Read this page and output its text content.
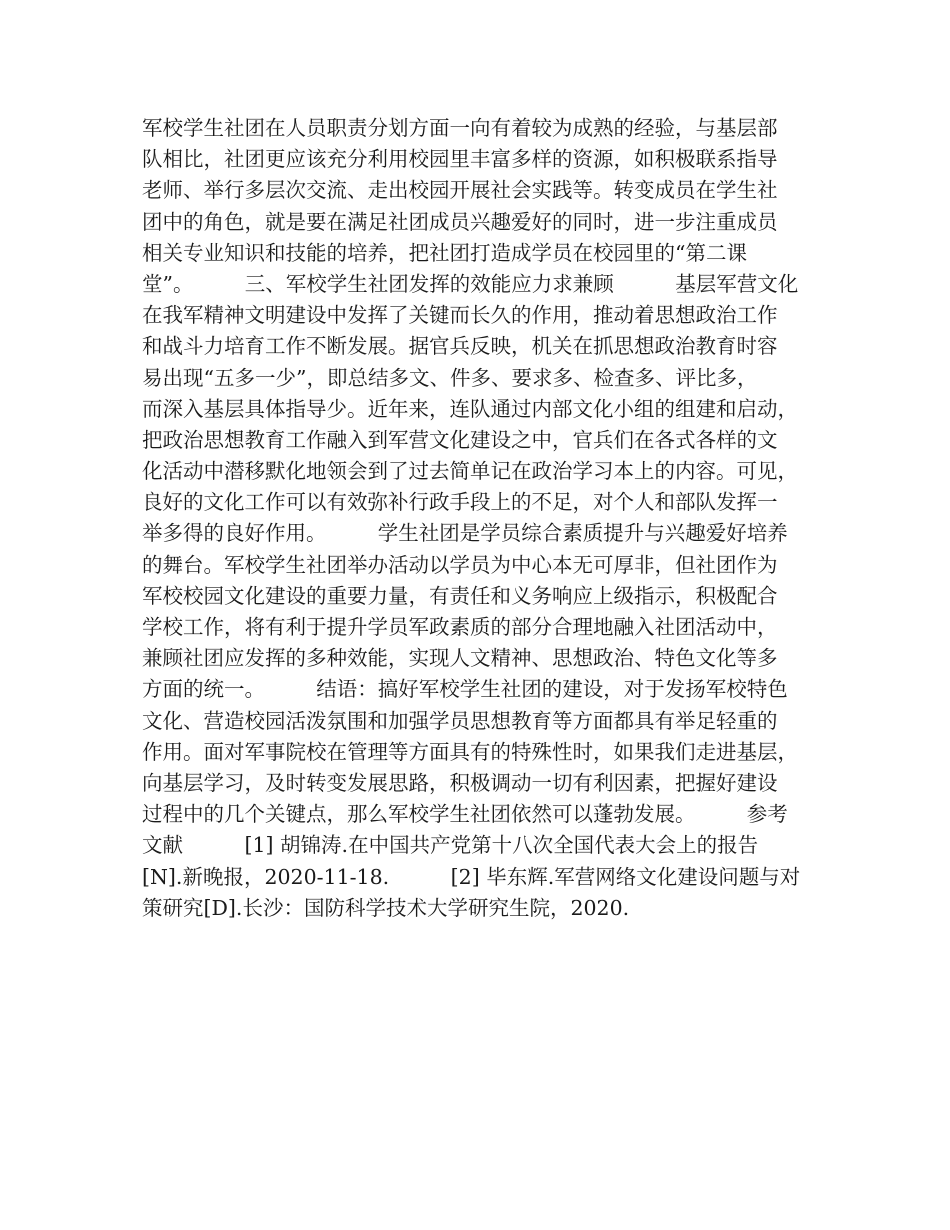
军校学生社团在人员职责分划方面一向有着较为成熟的经验，与基层部
队相比，社团更应该充分利用校园里丰富多样的资源，如积极联系指导
老师、举行多层次交流、走出校园开展社会实践等。转变成员在学生社
团中的角色，就是要在满足社团成员兴趣爱好的同时，进一步注重成员
相关专业知识和技能的培养，把社团打造成学员在校园里的“第二课
堂”。　　　三、军校学生社团发挥的效能应力求兼顾　　　基层军营文化
在我军精神文明建设中发挥了关键而长久的作用，推动着思想政治工作
和战斗力培育工作不断发展。据官兵反映，机关在抓思想政治教育时容
易出现“五多一少”，即总结多文、件多、要求多、检查多、评比多，
而深入基层具体指导少。近年来，连队通过内部文化小组的组建和启动，
把政治思想教育工作融入到军营文化建设之中，官兵们在各式各样的文
化活动中潜移默化地领会到了过去简单记在政治学习本上的内容。可见，
良好的文化工作可以有效弥补行政手段上的不足，对个人和部队发挥一
举多得的良好作用。　　　学生社团是学员综合素质提升与兴趣爱好培养
的舞台。军校学生社团举办活动以学员为中心本无可厚非，但社团作为
军校校园文化建设的重要力量，有责任和义务响应上级指示，积极配合
学校工作，将有利于提升学员军政素质的部分合理地融入社团活动中，
兼顾社团应发挥的多种效能，实现人文精神、思想政治、特色文化等多
方面的统一。　　　结语：搞好军校学生社团的建设，对于发扬军校特色
文化、营造校园活泼氛围和加强学员思想教育等方面都具有举足轻重的
作用。面对军事院校在管理等方面具有的特殊性时，如果我们走进基层，
向基层学习，及时转变发展思路，积极调动一切有利因素，把握好建设
过程中的几个关键点，那么军校学生社团依然可以蓬勃发展。　　　参考
文献　　　[1] 胡锦涛.在中国共产党第十八次全国代表大会上的报告
[N].新晚报，2020-11-18.　　　[2] 毕东辉.军营网络文化建设问题与对
策研究[D].长沙：国防科学技术大学研究生院，2020.
